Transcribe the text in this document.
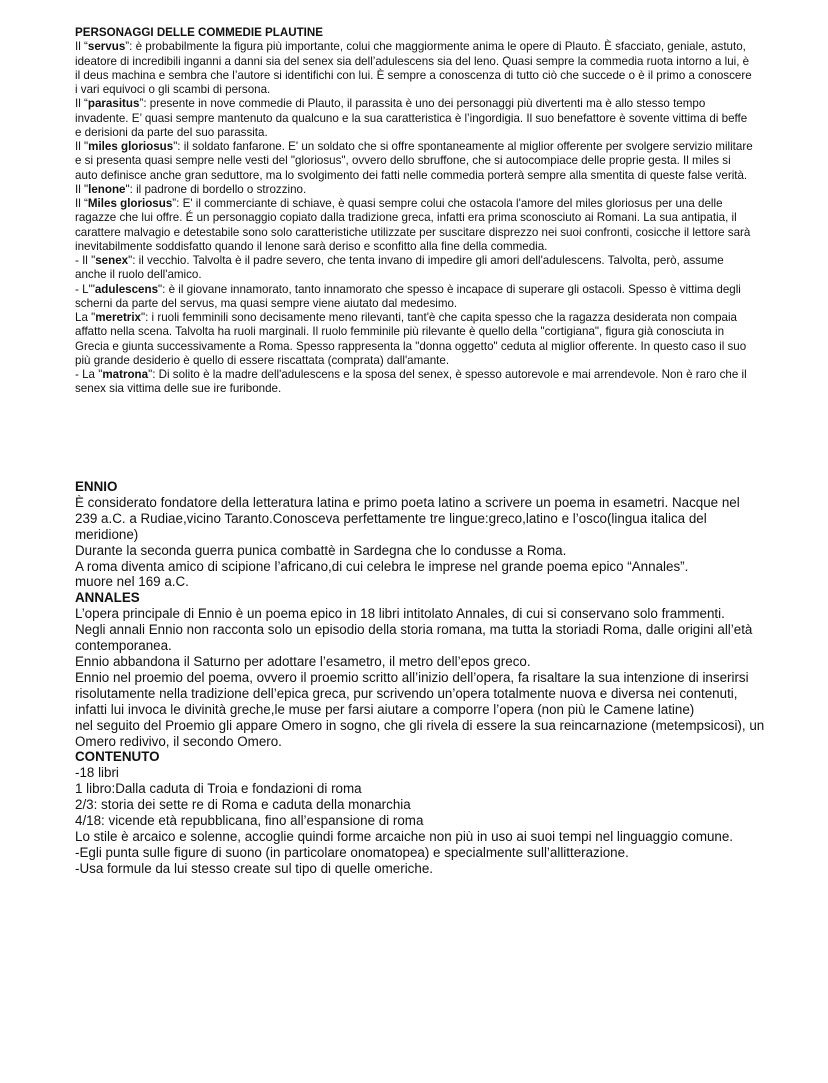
PERSONAGGI DELLE COMMEDIE PLAUTINE

Il “servus”: è probabilmente la figura più importante, colui che maggiormente anima le opere di Plauto. È sfacciato, geniale, astuto, ideatore di incredibili inganni a danni sia del senex sia dell’adulescens sia del leno. Quasi sempre la commedia ruota intorno a lui, è il deus machina e sembra che l’autore si identifichi con lui. È sempre a conoscenza di tutto ciò che succede o è il primo a conoscere i vari equivoci o gli scambi di persona.

Il “parasitus”: presente in nove commedie di Plauto, il parassita è uno dei personaggi più divertenti ma è allo stesso tempo invadente. E’ quasi sempre mantenuto da qualcuno e la sua caratteristica è l’ingordigia. Il suo benefattore è sovente vittima di beffe e derisioni da parte del suo parassita.

Il "miles gloriosus": il soldato fanfarone. E' un soldato che si offre spontaneamente al miglior offerente per svolgere servizio militare e si presenta quasi sempre nelle vesti del "gloriosus", ovvero dello sbruffone, che si autocompiace delle proprie gesta. Il miles si auto definisce anche gran seduttore, ma lo svolgimento dei fatti nelle commedia porterà sempre alla smentita di queste false verità.

Il "lenone": il padrone di bordello o strozzino.

Il “Miles gloriosus”: E' il commerciante di schiave, è quasi sempre colui che ostacola l'amore del miles gloriosus per una delle ragazze che lui offre. É un personaggio copiato dalla tradizione greca, infatti era prima sconosciuto ai Romani. La sua antipatia, il carattere malvagio e detestabile sono solo caratteristiche utilizzate per suscitare disprezzo nei suoi confronti, cosicche il lettore sarà inevitabilmente soddisfatto quando il lenone sarà deriso e sconfitto alla fine della commedia.

- Il "senex": il vecchio. Talvolta è il padre severo, che tenta invano di impedire gli amori dell'adulescens. Talvolta, però, assume anche il ruolo dell'amico.

- L'"adulescens": è il giovane innamorato, tanto innamorato che spesso è incapace di superare gli ostacoli. Spesso è vittima degli scherni da parte del servus, ma quasi sempre viene aiutato dal medesimo.

La "meretrix": i ruoli femminili sono decisamente meno rilevanti, tant'è che capita spesso che la ragazza desiderata non compaia affatto nella scena. Talvolta ha ruoli marginali. Il ruolo femminile più rilevante è quello della "cortigiana", figura già conosciuta in Grecia e giunta successivamente a Roma. Spesso rappresenta la "donna oggetto" ceduta al miglior offerente. In questo caso il suo più grande desiderio è quello di essere riscattata (comprata) dall'amante.

- La "matrona": Di solito è la madre dell'adulescens e la sposa del senex, è spesso autorevole e mai arrendevole. Non è raro che il senex sia vittima delle sue ire furibonde.

ENNIO

È considerato fondatore della letteratura latina e primo poeta latino a scrivere un poema in esametri. Nacque nel 239 a.C. a Rudiae,vicino Taranto.Conosceva perfettamente tre lingue:greco,latino e l’osco(lingua italica del meridione)

Durante la seconda guerra punica combattè in Sardegna che lo condusse a Roma.

A roma diventa amico di scipione l’africano,di cui celebra le imprese nel grande poema epico “Annales”.

muore nel 169 a.C.

ANNALES

L’opera principale di Ennio è un poema epico in 18 libri intitolato Annales, di cui si conservano solo frammenti.

Negli annali Ennio non racconta solo un episodio della storia romana, ma tutta la storiadi Roma, dalle origini all’età contemporanea.

Ennio abbandona il Saturno per adottare l’esametro, il metro dell’epos greco.

Ennio nel proemio del poema, ovvero il proemio scritto all’inizio dell’opera, fa risaltare la sua intenzione di inserirsi risolutamente nella tradizione dell’epica greca, pur scrivendo un’opera totalmente nuova e diversa nei contenuti, infatti lui invoca le divinità greche,le muse per farsi aiutare a comporre l’opera (non più le Camene latine)

nel seguito del Proemio gli appare Omero in sogno, che gli rivela di essere la sua reincarnazione (metempsicosi), un Omero redivivo, il secondo Omero.

CONTENUTO

-18 libri

1 libro:Dalla caduta di Troia e fondazioni di roma

2/3: storia dei sette re di Roma e caduta della monarchia

4/18: vicende età repubblicana, fino all’espansione di roma

Lo stile è arcaico e solenne, accoglie quindi forme arcaiche non più in uso ai suoi tempi nel linguaggio comune.

-Egli punta sulle figure di suono (in particolare onomatopea) e specialmente sull’allitterazione.

-Usa formule da lui stesso create sul tipo di quelle omeriche.
